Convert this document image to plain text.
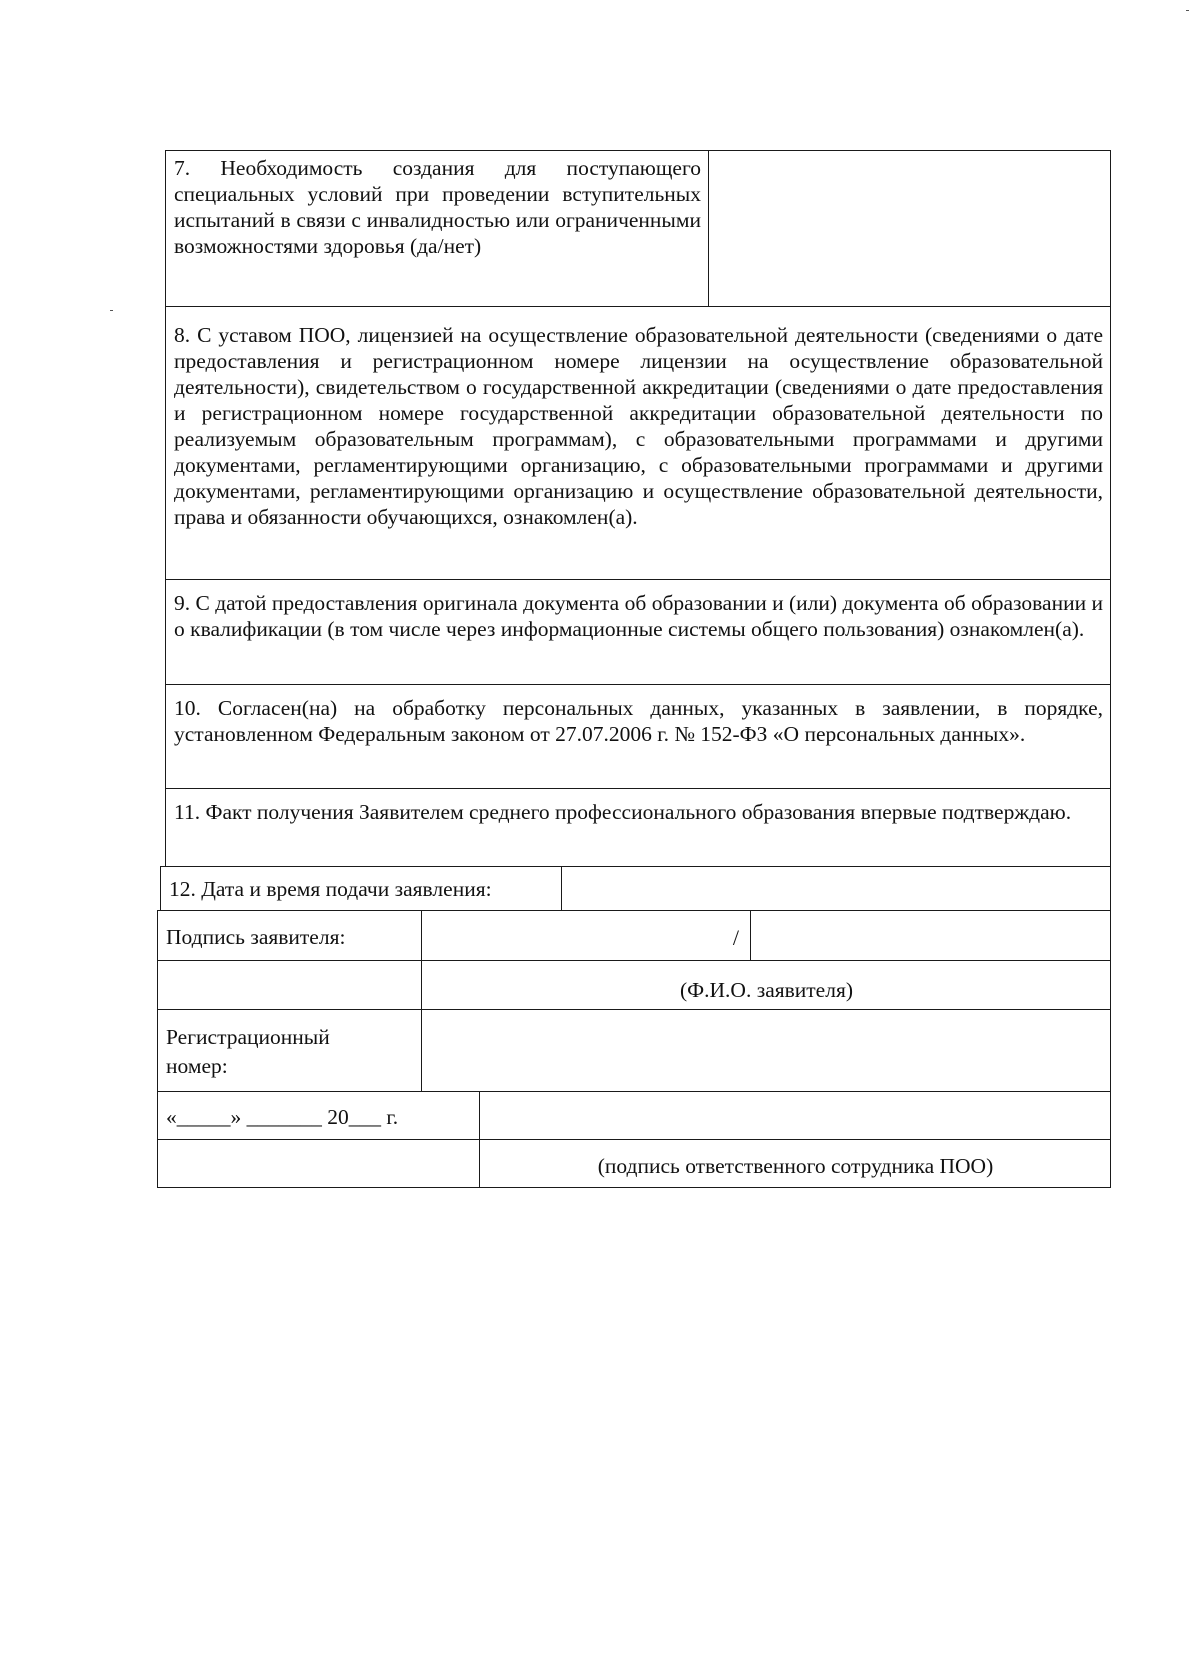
7. Необходимость создания для поступающего специальных условий при проведении вступительных испытаний в связи с инвалидностью или ограниченными возможностями здоровья (да/нет)
8. С уставом ПОО, лицензией на осуществление образовательной деятельности (сведениями о дате предоставления и регистрационном номере лицензии на осуществление образовательной деятельности), свидетельством о государственной аккредитации (сведениями о дате предоставления и регистрационном номере государственной аккредитации образовательной деятельности по реализуемым образовательным программам), с образовательными программами и другими документами, регламентирующими организацию, с образовательными программами и другими документами, регламентирующими организацию и осуществление образовательной деятельности, права и обязанности обучающихся, ознакомлен(а).
9. С датой предоставления оригинала документа об образовании и (или) документа об образовании и о квалификации (в том числе через информационные системы общего пользования) ознакомлен(а).
10. Согласен(на) на обработку персональных данных, указанных в заявлении, в порядке, установленном Федеральным законом от 27.07.2006 г. № 152-ФЗ «О персональных данных».
11. Факт получения Заявителем среднего профессионального образования впервые подтверждаю.
12. Дата и время подачи заявления:
Подпись заявителя:	/
(Ф.И.О. заявителя)
Регистрационный
номер:
«_____» _______ 20___ г.
(подпись ответственного сотрудника ПОО)
